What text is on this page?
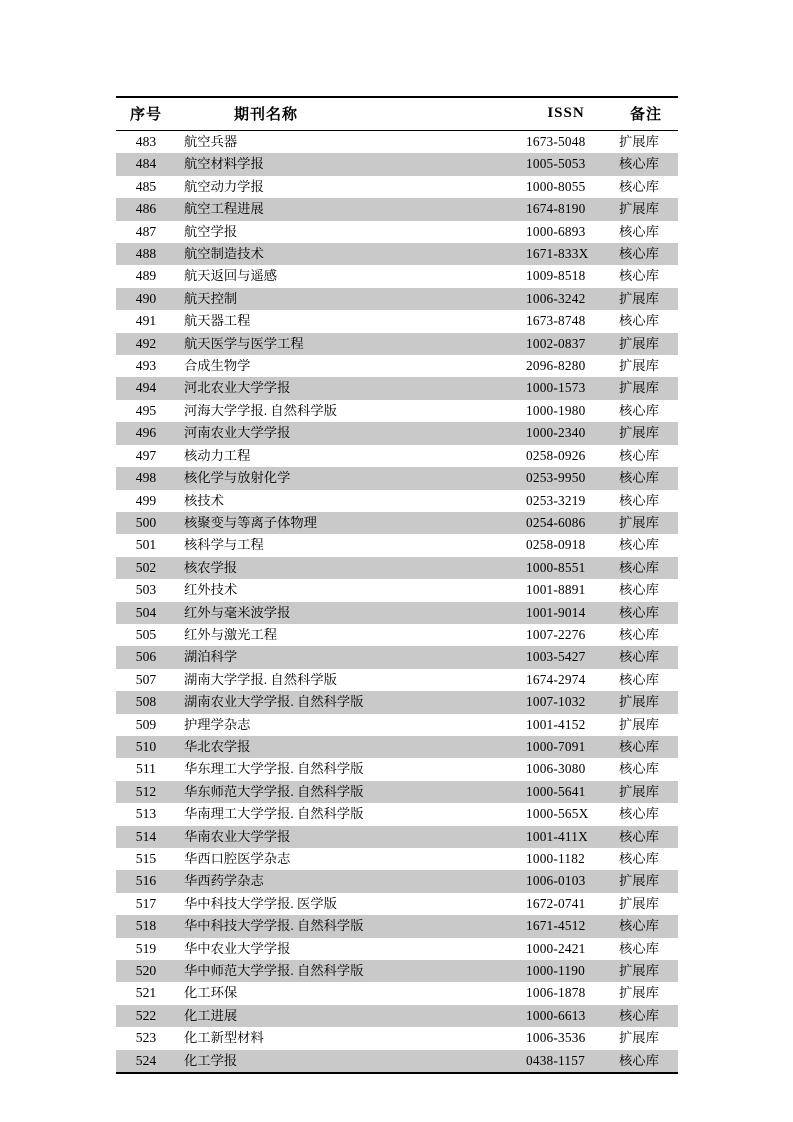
序号	期刊名称	ISSN	备注
483	航空兵器	1673-5048	扩展库
484	航空材料学报	1005-5053	核心库
485	航空动力学报	1000-8055	核心库
486	航空工程进展	1674-8190	扩展库
487	航空学报	1000-6893	核心库
488	航空制造技术	1671-833X	核心库
489	航天返回与遥感	1009-8518	核心库
490	航天控制	1006-3242	扩展库
491	航天器工程	1673-8748	核心库
492	航天医学与医学工程	1002-0837	扩展库
493	合成生物学	2096-8280	扩展库
494	河北农业大学学报	1000-1573	扩展库
495	河海大学学报. 自然科学版	1000-1980	核心库
496	河南农业大学学报	1000-2340	扩展库
497	核动力工程	0258-0926	核心库
498	核化学与放射化学	0253-9950	核心库
499	核技术	0253-3219	核心库
500	核聚变与等离子体物理	0254-6086	扩展库
501	核科学与工程	0258-0918	核心库
502	核农学报	1000-8551	核心库
503	红外技术	1001-8891	核心库
504	红外与毫米波学报	1001-9014	核心库
505	红外与激光工程	1007-2276	核心库
506	湖泊科学	1003-5427	核心库
507	湖南大学学报. 自然科学版	1674-2974	核心库
508	湖南农业大学学报. 自然科学版	1007-1032	扩展库
509	护理学杂志	1001-4152	扩展库
510	华北农学报	1000-7091	核心库
511	华东理工大学学报. 自然科学版	1006-3080	核心库
512	华东师范大学学报. 自然科学版	1000-5641	扩展库
513	华南理工大学学报. 自然科学版	1000-565X	核心库
514	华南农业大学学报	1001-411X	核心库
515	华西口腔医学杂志	1000-1182	核心库
516	华西药学杂志	1006-0103	扩展库
517	华中科技大学学报. 医学版	1672-0741	扩展库
518	华中科技大学学报. 自然科学版	1671-4512	核心库
519	华中农业大学学报	1000-2421	核心库
520	华中师范大学学报. 自然科学版	1000-1190	扩展库
521	化工环保	1006-1878	扩展库
522	化工进展	1000-6613	核心库
523	化工新型材料	1006-3536	扩展库
524	化工学报	0438-1157	核心库
